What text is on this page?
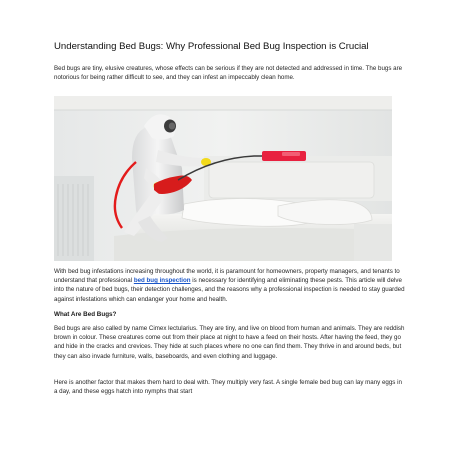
Understanding Bed Bugs: Why Professional Bed Bug Inspection is Crucial

Bed bugs are tiny, elusive creatures, whose effects can be serious if they are not detected and addressed in time. The bugs are notorious for being rather difficult to see, and they can infest an impeccably clean home.

With bed bug infestations increasing throughout the world, it is paramount for homeowners, property managers, and tenants to understand that professional bed bug inspection is necessary for identifying and eliminating these pests. This article will delve into the nature of bed bugs, their detection challenges, and the reasons why a professional inspection is needed to stay guarded against infestations which can endanger your home and health.

What Are Bed Bugs?

Bed bugs are also called by name Cimex lectularius. They are tiny, and live on blood from human and animals. They are reddish brown in colour. These creatures come out from their place at night to have a feed on their hosts. After having the feed, they go and hide in the cracks and crevices. They hide at such places where no one can find them. They thrive in and around beds, but they can also invade furniture, walls, baseboards, and even clothing and luggage.

Here is another factor that makes them hard to deal with. They multiply very fast. A single female bed bug can lay many eggs in a day, and these eggs hatch into nymphs that start
